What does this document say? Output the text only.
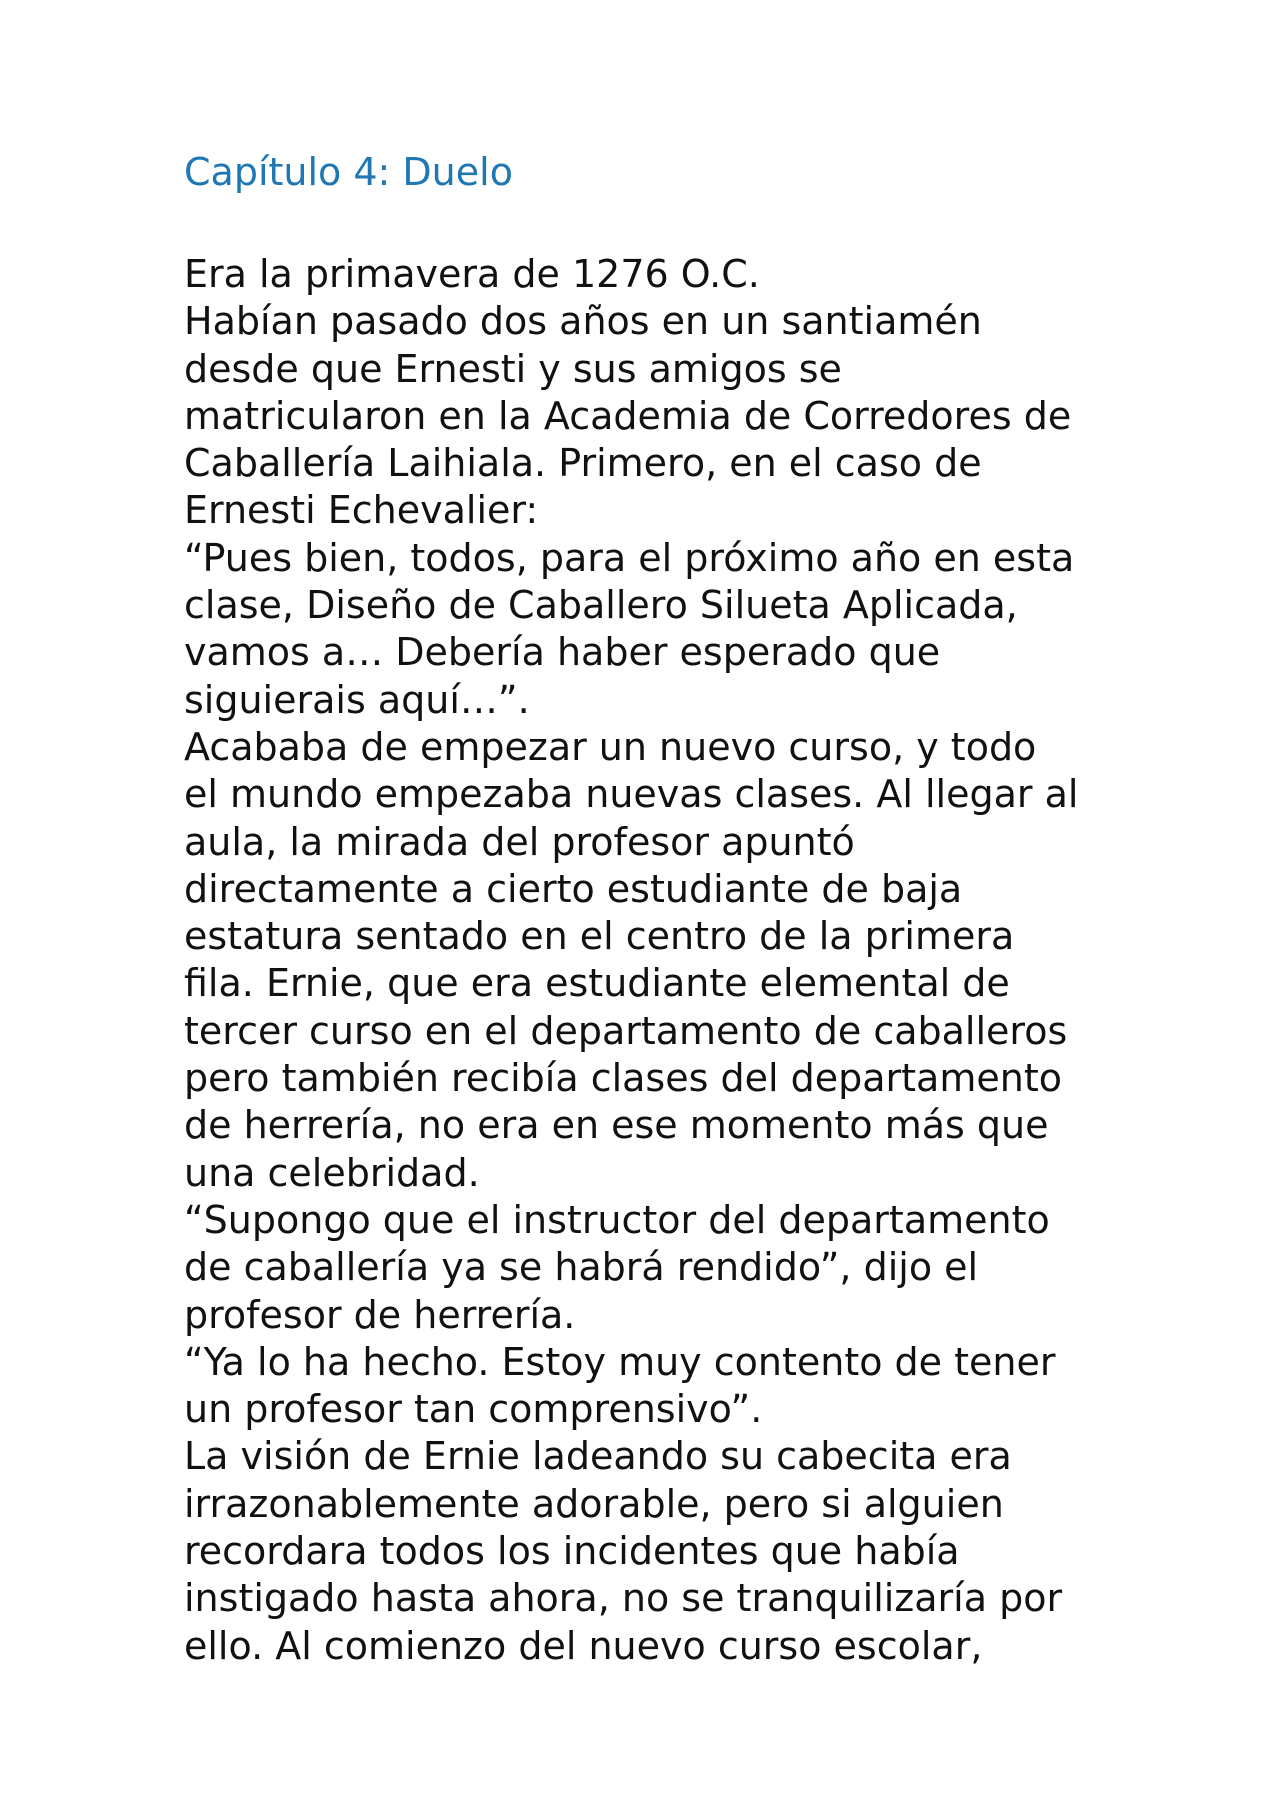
Capítulo 4: Duelo
Era la primavera de 1276 O.C.
Habían pasado dos años en un santiamén
desde que Ernesti y sus amigos se
matricularon en la Academia de Corredores de
Caballería Laihiala. Primero, en el caso de
Ernesti Echevalier:
“Pues bien, todos, para el próximo año en esta
clase, Diseño de Caballero Silueta Aplicada,
vamos a… Debería haber esperado que
siguierais aquí…”.
Acababa de empezar un nuevo curso, y todo
el mundo empezaba nuevas clases. Al llegar al
aula, la mirada del profesor apuntó
directamente a cierto estudiante de baja
estatura sentado en el centro de la primera
fila. Ernie, que era estudiante elemental de
tercer curso en el departamento de caballeros
pero también recibía clases del departamento
de herrería, no era en ese momento más que
una celebridad.
“Supongo que el instructor del departamento
de caballería ya se habrá rendido”, dijo el
profesor de herrería.
“Ya lo ha hecho. Estoy muy contento de tener
un profesor tan comprensivo”.
La visión de Ernie ladeando su cabecita era
irrazonablemente adorable, pero si alguien
recordara todos los incidentes que había
instigado hasta ahora, no se tranquilizaría por
ello. Al comienzo del nuevo curso escolar,
